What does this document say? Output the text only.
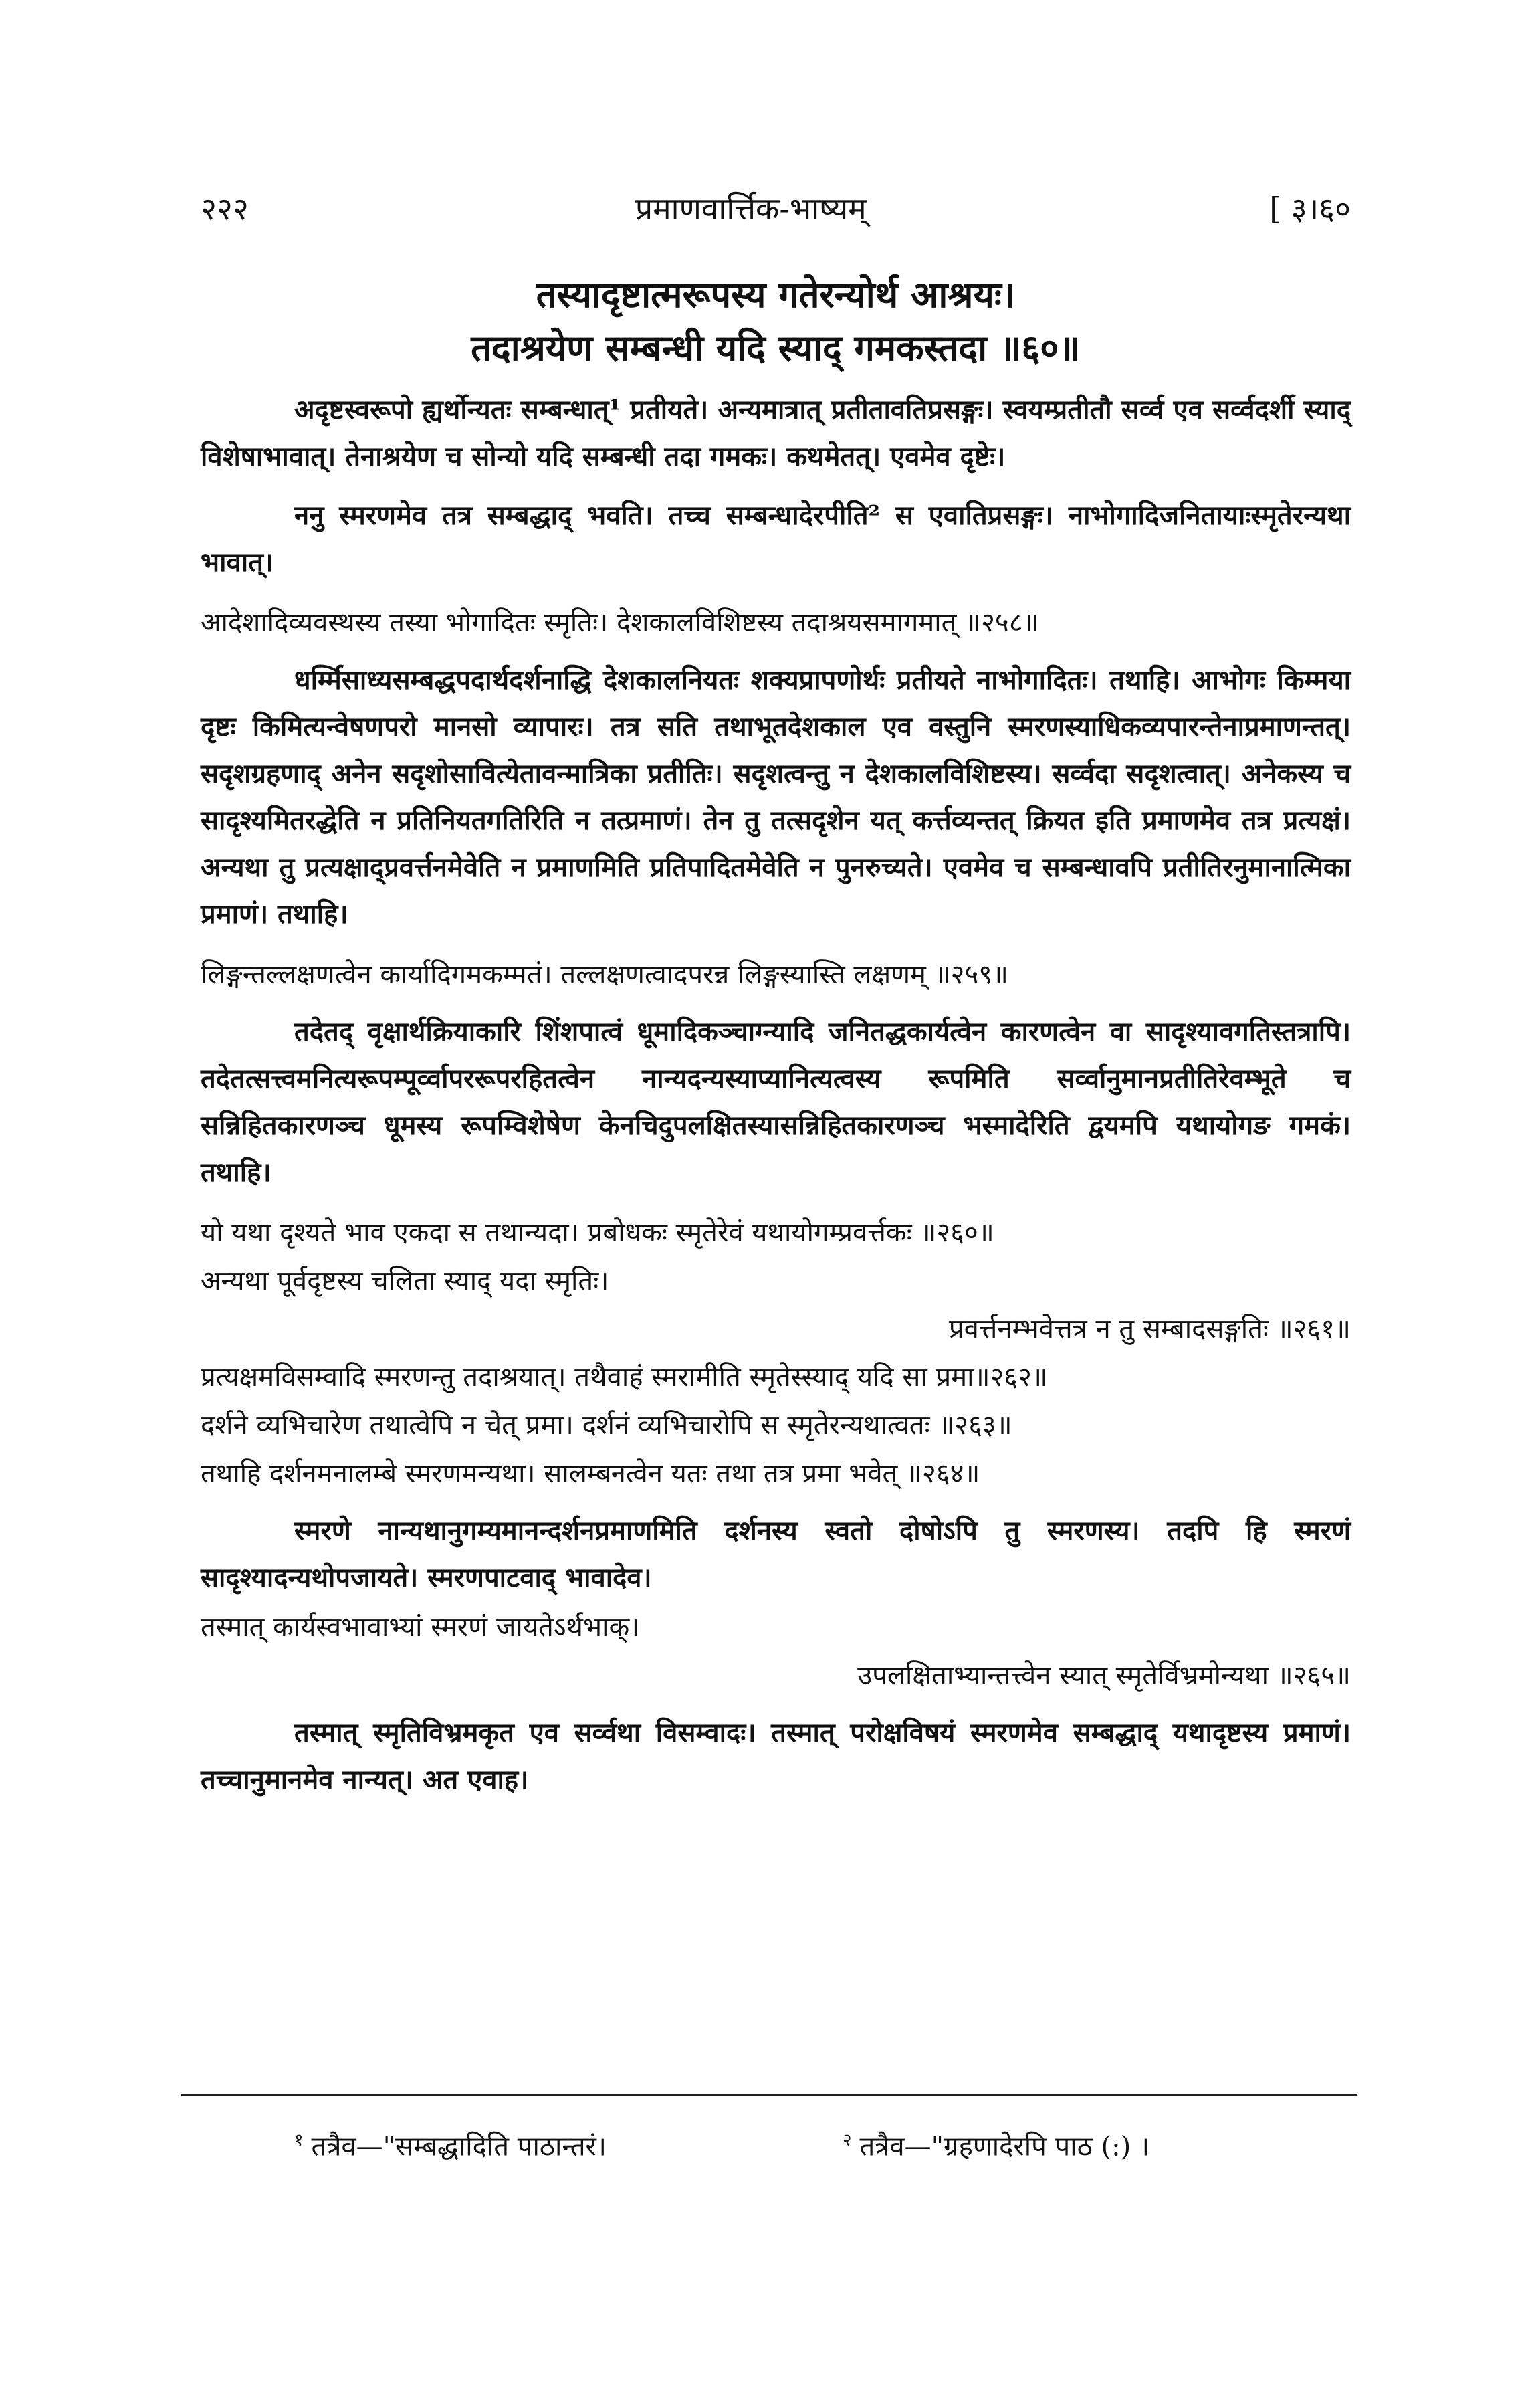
२२२	प्रमाणवार्त्तिक-भाष्यम्	[ ३।६०

तस्यादृष्टात्मरूपस्य गतेरन्योर्थ आश्रयः।

तदाश्रयेण सम्बन्धी यदि स्याद् गमकस्तदा ॥६०॥

अदृष्टस्वरूपो ह्यर्थोन्यतः सम्बन्धात्¹ प्रतीयते। अन्यमात्रात् प्रतीतावतिप्रसङ्गः। स्वयम्प्रतीतौ सर्व्व एव सर्व्वदर्शी स्याद् विशेषाभावात्। तेनाश्रयेण च सोन्यो यदि सम्बन्धी तदा गमकः। कथमेतत्। एवमेव दृष्टेः।

ननु स्मरणमेव तत्र सम्बद्धाद् भवति। तच्च सम्बन्धादेरपीति² स एवातिप्रसङ्गः। नाभोगादिजनितायाःस्मृतेरन्यथा भावात्।

आदेशादिव्यवस्थस्य तस्या भोगादितः स्मृतिः। देशकालविशिष्टस्य तदाश्रयसमागमात् ॥२५८॥

धर्म्मिसाध्यसम्बद्धपदार्थदर्शनाद्धि देशकालनियतः शक्यप्रापणोर्थः प्रतीयते नाभोगादितः। तथाहि। आभोगः किम्मया दृष्टः किमित्यन्वेषणपरो मानसो व्यापारः। तत्र सति तथाभूतदेशकाल एव वस्तुनि स्मरणस्याधिकव्यपारन्तेनाप्रमाणन्तत्। सदृशग्रहणाद् अनेन सदृशोसावित्येतावन्मात्रिका प्रतीतिः। सदृशत्वन्तु न देशकालविशिष्टस्य। सर्व्वदा सदृशत्वात्। अनेकस्य च सादृश्यमितरद्धेति न प्रतिनियतगतिरिति न तत्प्रमाणं। तेन तु तत्सदृशेन यत् कर्त्तव्यन्तत् क्रियत इति प्रमाणमेव तत्र प्रत्यक्षं। अन्यथा तु प्रत्यक्षाद्‌प्रवर्त्तनमेवेति न प्रमाणमिति प्रतिपादितमेवेति न पुनरुच्यते। एवमेव च सम्बन्धावपि प्रतीतिरनुमानात्मिका प्रमाणं। तथाहि।

लिङ्गन्तल्लक्षणत्वेन कार्यादिगमकम्मतं। तल्लक्षणत्वादपरन्न लिङ्गस्यास्ति लक्षणम् ॥२५९॥

तदेतद् वृक्षार्थक्रियाकारि शिंशपात्वं धूमादिकञ्चाग्न्यादि जनितद्धकार्यत्वेन कारणत्वेन वा सादृश्यावगतिस्तत्रापि। तदेतत्सत्त्वमनित्यरूपम्पूर्व्वापररूपरहितत्वेन नान्यदन्यस्याप्यानित्यत्वस्य रूपमिति सर्व्वानुमानप्रतीतिरेवम्भूते च सन्निहितकारणञ्च धूमस्य रूपम्विशेषेण केनचिदुपलक्षितस्यासन्निहितकारणञ्च भस्मादेरिति द्वयमपि यथायोगङ गमकं। तथाहि।

यो यथा दृश्यते भाव एकदा स तथान्यदा। प्रबोधकः स्मृतेरेवं यथायोगम्प्रवर्त्तकः ॥२६०॥

अन्यथा पूर्वदृष्टस्य चलिता स्याद् यदा स्मृतिः।

प्रवर्त्तनम्भवेत्तत्र न तु सम्बादसङ्गतिः ॥२६१॥

प्रत्यक्षमविसम्वादि स्मरणन्तु तदाश्रयात्। तथैवाहं स्मरामीति स्मृतेस्स्याद् यदि सा प्रमा॥२६२॥

दर्शने व्यभिचारेण तथात्वेपि न चेत् प्रमा। दर्शनं व्यभिचारोपि स स्मृतेरन्यथात्वतः ॥२६३॥

तथाहि दर्शनमनालम्बे स्मरणमन्यथा। सालम्बनत्वेन यतः तथा तत्र प्रमा भवेत् ॥२६४॥

स्मरणे नान्यथानुगम्यमानन्दर्शनप्रमाणमिति दर्शनस्य स्वतो दोषोऽपि तु स्मरणस्य। तदपि हि स्मरणं सादृश्यादन्यथोपजायते। स्मरणपाटवाद् भावादेव।

तस्मात् कार्यस्वभावाभ्यां स्मरणं जायतेऽर्थभाक्।

उपलक्षिताभ्यान्तत्त्वेन स्यात् स्मृतेर्विभ्रमोन्यथा ॥२६५॥

तस्मात् स्मृतिविभ्रमकृत एव सर्व्वथा विसम्वादः। तस्मात् परोक्षविषयं स्मरणमेव सम्बद्धाद् यथादृष्टस्य प्रमाणं। तच्चानुमानमेव नान्यत्। अत एवाह।

$^१$ तत्रैव—"सम्बद्धादिति पाठान्तरं।	$^२$ तत्रैव—"ग्रहणादेरपि पाठ (:) ।
